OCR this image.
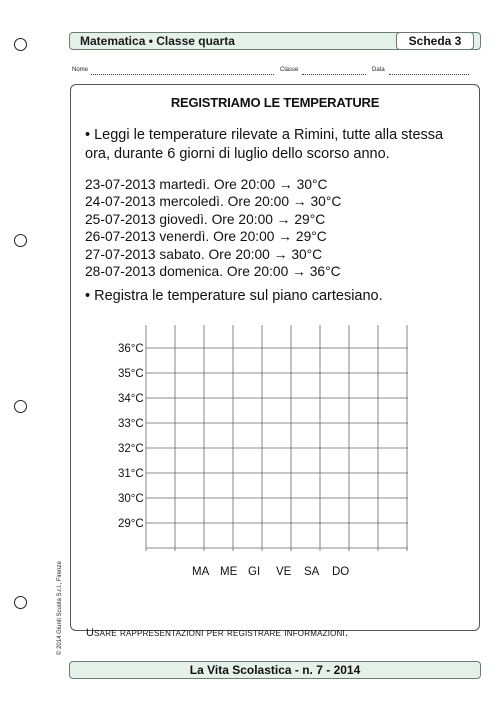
Matematica • Classe quarta	Scheda 3
Nome	Classe	Data
REGISTRIAMO LE TEMPERATURE
• Leggi le temperature rilevate a Rimini, tutte alla stessa
ora, durante 6 giorni di luglio dello scorso anno.
23-07-2013 martedì. Ore 20:00 → 30°C
24-07-2013 mercoledì. Ore 20:00 → 30°C
25-07-2013 giovedì. Ore 20:00 → 29°C
26-07-2013 venerdì. Ore 20:00 → 29°C
27-07-2013 sabato. Ore 20:00 → 30°C
28-07-2013 domenica. Ore 20:00 → 36°C
• Registra le temperature sul piano cartesiano.
36°C
35°C
34°C
33°C
32°C
31°C
30°C
29°C
MA ME GI VE SA DO
Usare rappresentazioni per registrare informazioni.
© 2014 Giunti Scuola S.r.l., Firenze
La Vita Scolastica - n. 7 - 2014
